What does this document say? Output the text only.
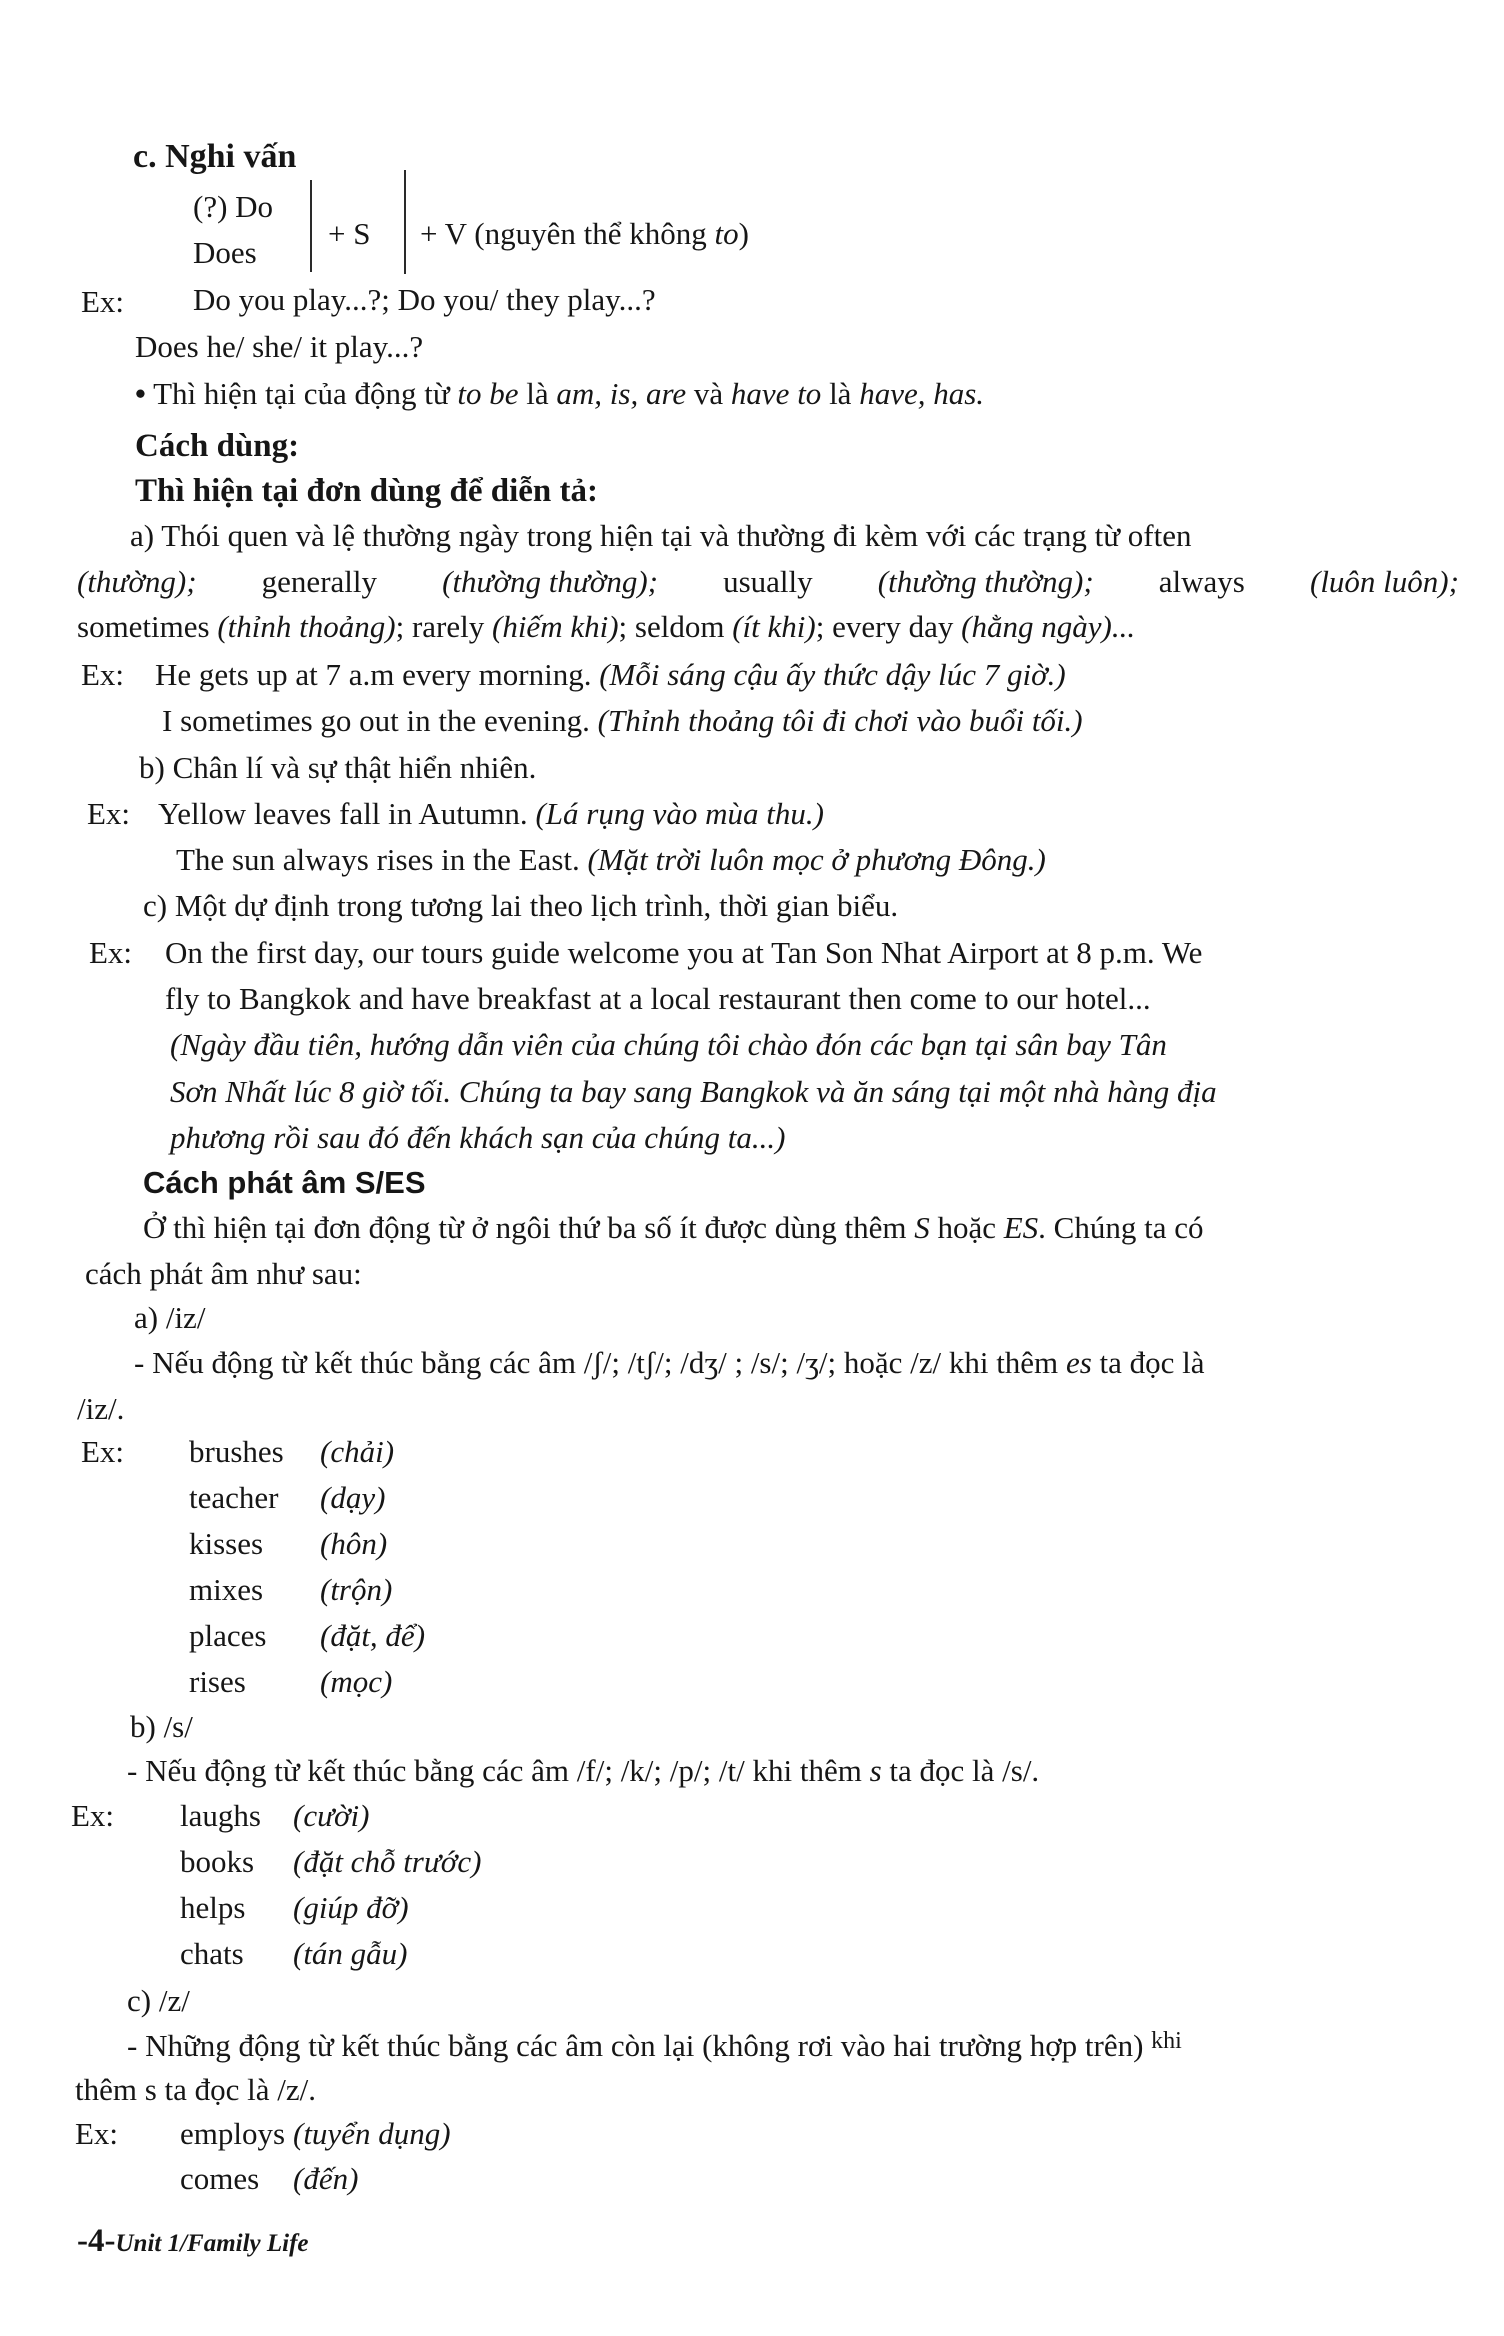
c. Nghi vấn
(?) Do
Does
+ S + V (nguyên thể không to)
Ex: Do you play...?; Do you/ they play...?
Does he/ she/ it play...?
• Thì hiện tại của động từ to be là am, is, are và have to là have, has.
Cách dùng:
Thì hiện tại đơn dùng để diễn tả:
a) Thói quen và lệ thường ngày trong hiện tại và thường đi kèm với các trạng từ often
(thường); generally (thường thường); usually (thường thường); always (luôn luôn);
sometimes (thỉnh thoảng); rarely (hiếm khi); seldom (ít khi); every day (hằng ngày)...
Ex: He gets up at 7 a.m every morning. (Mỗi sáng cậu ấy thức dậy lúc 7 giờ.)
I sometimes go out in the evening. (Thỉnh thoảng tôi đi chơi vào buổi tối.)
b) Chân lí và sự thật hiển nhiên.
Ex: Yellow leaves fall in Autumn. (Lá rụng vào mùa thu.)
The sun always rises in the East. (Mặt trời luôn mọc ở phương Đông.)
c) Một dự định trong tương lai theo lịch trình, thời gian biểu.
Ex: On the first day, our tours guide welcome you at Tan Son Nhat Airport at 8 p.m. We
fly to Bangkok and have breakfast at a local restaurant then come to our hotel...
(Ngày đầu tiên, hướng dẫn viên của chúng tôi chào đón các bạn tại sân bay Tân
Sơn Nhất lúc 8 giờ tối. Chúng ta bay sang Bangkok và ăn sáng tại một nhà hàng địa
phương rồi sau đó đến khách sạn của chúng ta...)
Cách phát âm S/ES
Ở thì hiện tại đơn động từ ở ngôi thứ ba số ít được dùng thêm S hoặc ES. Chúng ta có
cách phát âm như sau:
a) /iz/
- Nếu động từ kết thúc bằng các âm /ʃ/; /tʃ/; /dʒ/ ; /s/; /ʒ/; hoặc /z/ khi thêm es ta đọc là
/iz/.
Ex: brushes (chải)
teacher (dạy)
kisses (hôn)
mixes (trộn)
places (đặt, để)
rises (mọc)
b) /s/
- Nếu động từ kết thúc bằng các âm /f/; /k/; /p/; /t/ khi thêm s ta đọc là /s/.
Ex: laughs (cười)
books (đặt chỗ trước)
helps (giúp đỡ)
chats (tán gẫu)
c) /z/
- Những động từ kết thúc bằng các âm còn lại (không rơi vào hai trường hợp trên) $^{khi}$
thêm s ta đọc là /z/.
Ex: employs (tuyển dụng)
comes (đến)
-4-Unit 1/Family Life
